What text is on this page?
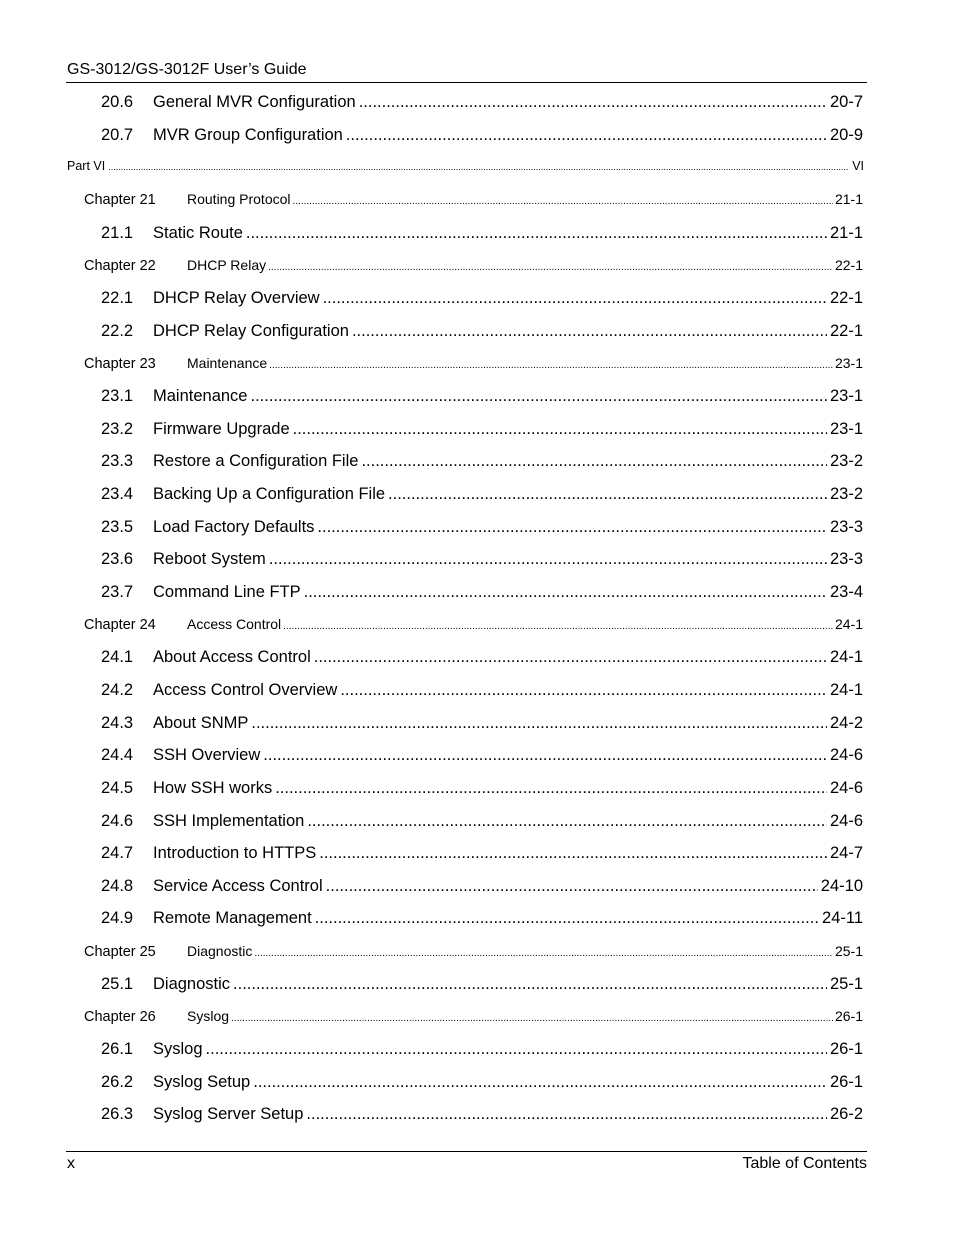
GS-3012/GS-3012F User’s Guide
20.6	General MVR Configuration .....	20-7
20.7	MVR Group Configuration .....	20-9
Part VI .....	VI
Chapter 21	Routing Protocol .....	21-1
21.1	Static Route .....	21-1
Chapter 22	DHCP Relay .....	22-1
22.1	DHCP Relay Overview .....	22-1
22.2	DHCP Relay Configuration .....	22-1
Chapter 23	Maintenance .....	23-1
23.1	Maintenance .....	23-1
23.2	Firmware Upgrade .....	23-1
23.3	Restore a Configuration File .....	23-2
23.4	Backing Up a Configuration File .....	23-2
23.5	Load Factory Defaults .....	23-3
23.6	Reboot System .....	23-3
23.7	Command Line FTP .....	23-4
Chapter 24	Access Control .....	24-1
24.1	About Access Control .....	24-1
24.2	Access Control Overview .....	24-1
24.3	About SNMP .....	24-2
24.4	SSH Overview .....	24-6
24.5	How SSH works .....	24-6
24.6	SSH Implementation .....	24-6
24.7	Introduction to HTTPS .....	24-7
24.8	Service Access Control .....	24-10
24.9	Remote Management .....	24-11
Chapter 25	Diagnostic .....	25-1
25.1	Diagnostic .....	25-1
Chapter 26	Syslog .....	26-1
26.1	Syslog .....	26-1
26.2	Syslog Setup .....	26-1
26.3	Syslog Server Setup .....	26-2
x	Table of Contents
